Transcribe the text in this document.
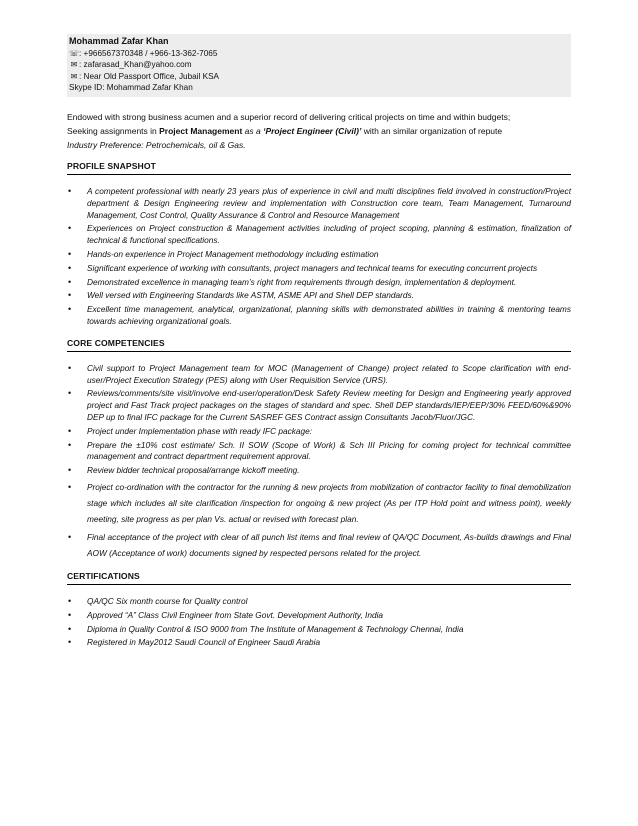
Mohammad Zafar Khan
☏: +966567370348 / +966-13-362-7065
✉ : zafarasad_Khan@yahoo.com
✉ : Near Old Passport Office, Jubail KSA
Skype ID: Mohammad Zafar Khan
Endowed with strong business acumen and a superior record of delivering critical projects on time and within budgets;
Seeking assignments in Project Management as a ‘Project Engineer (Civil)’ with an similar organization of repute
Industry Preference: Petrochemicals, oil & Gas.
PROFILE SNAPSHOT
• A competent professional with nearly 23 years plus of experience in civil and multi disciplines field involved in construction/Project department & Design Engineering review and implementation with Construction core team, Team Management, Turnaround Management, Cost Control, Quality Assurance & Control and Resource Management
• Experiences on Project construction & Management activities including of project scoping, planning & estimation, finalization of technical & functional specifications.
• Hands-on experience in Project Management methodology including estimation
• Significant experience of working with consultants, project managers and technical teams for executing concurrent projects
• Demonstrated excellence in managing team’s right from requirements through design, implementation & deployment.
• Well versed with Engineering Standards like ASTM, ASME API and Shell DEP standards.
• Excellent time management, analytical, organizational, planning skills with demonstrated abilities in training & mentoring teams towards achieving organizational goals.
CORE COMPETENCIES
• Civil support to Project Management team for MOC (Management of Change) project related to Scope clarification with end-user/Project Execution Strategy (PES) along with User Requisition Service (URS).
• Reviews/comments/site visit/involve end-user/operation/Desk Safety Review meeting for Design and Engineering yearly approved project and Fast Track project packages on the stages of standard and spec. Shell DEP standards/IEP/EEP/30% FEED/60%&90% DEP up to final IFC package for the Current SASREF GES Contract assign Consultants Jacob/Fluor/JGC.
• Project under Implementation phase with ready IFC package:
• Prepare the ±10% cost estimate/ Sch. II SOW (Scope of Work) & Sch III Pricing for coming project for technical committee management and contract department requirement approval.
• Review bidder technical proposal/arrange kickoff meeting.
• Project co-ordination with the contractor for the running & new projects from mobilization of contractor facility to final demobilization stage which includes all site clarification /inspection for ongoing & new project (As per ITP Hold point and witness point), weekly meeting, site progress as per plan Vs. actual or revised with forecast plan.
• Final acceptance of the project with clear of all punch list items and final review of QA/QC Document, As-builds drawings and Final AOW (Acceptance of work) documents signed by respected persons related for the project.
CERTIFICATIONS
• QA/QC Six month course for Quality control
• Approved “A” Class Civil Engineer from State Govt. Development Authority, India
• Diploma in Quality Control & ISO 9000 from The Institute of Management & Technology Chennai, India
• Registered in May2012 Saudi Council of Engineer Saudi Arabia
